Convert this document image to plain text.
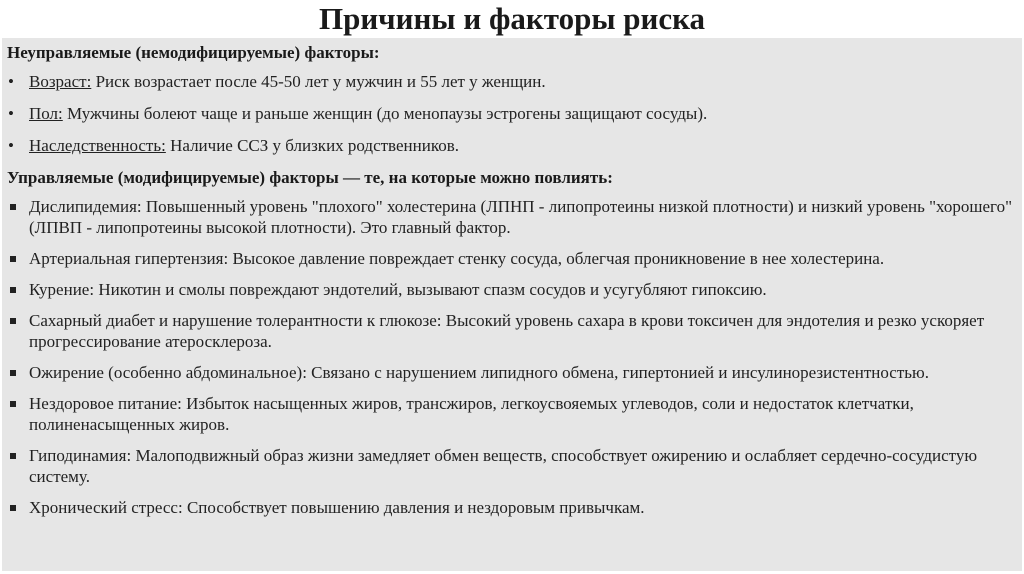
Причины и факторы риска
Неуправляемые (немодифицируемые) факторы:
• Возраст: Риск возрастает после 45-50 лет у мужчин и 55 лет у женщин.
• Пол: Мужчины болеют чаще и раньше женщин (до менопаузы эстрогены защищают сосуды).
• Наследственность: Наличие ССЗ у близких родственников.
Управляемые (модифицируемые) факторы — те, на которые можно повлиять:
Дислипидемия: Повышенный уровень "плохого" холестерина (ЛПНП - липопротеины низкой плотности) и низкий уровень "хорошего" (ЛПВП - липопротеины высокой плотности). Это главный фактор.
Артериальная гипертензия: Высокое давление повреждает стенку сосуда, облегчая проникновение в нее холестерина.
Курение: Никотин и смолы повреждают эндотелий, вызывают спазм сосудов и усугубляют гипоксию.
Сахарный диабет и нарушение толерантности к глюкозе: Высокий уровень сахара в крови токсичен для эндотелия и резко ускоряет прогрессирование атеросклероза.
Ожирение (особенно абдоминальное): Связано с нарушением липидного обмена, гипертонией и инсулинорезистентностью.
Нездоровое питание: Избыток насыщенных жиров, трансжиров, легкоусвояемых углеводов, соли и недостаток клетчатки, полиненасыщенных жиров.
Гиподинамия: Малоподвижный образ жизни замедляет обмен веществ, способствует ожирению и ослабляет сердечно-сосудистую систему.
Хронический стресс: Способствует повышению давления и нездоровым привычкам.
